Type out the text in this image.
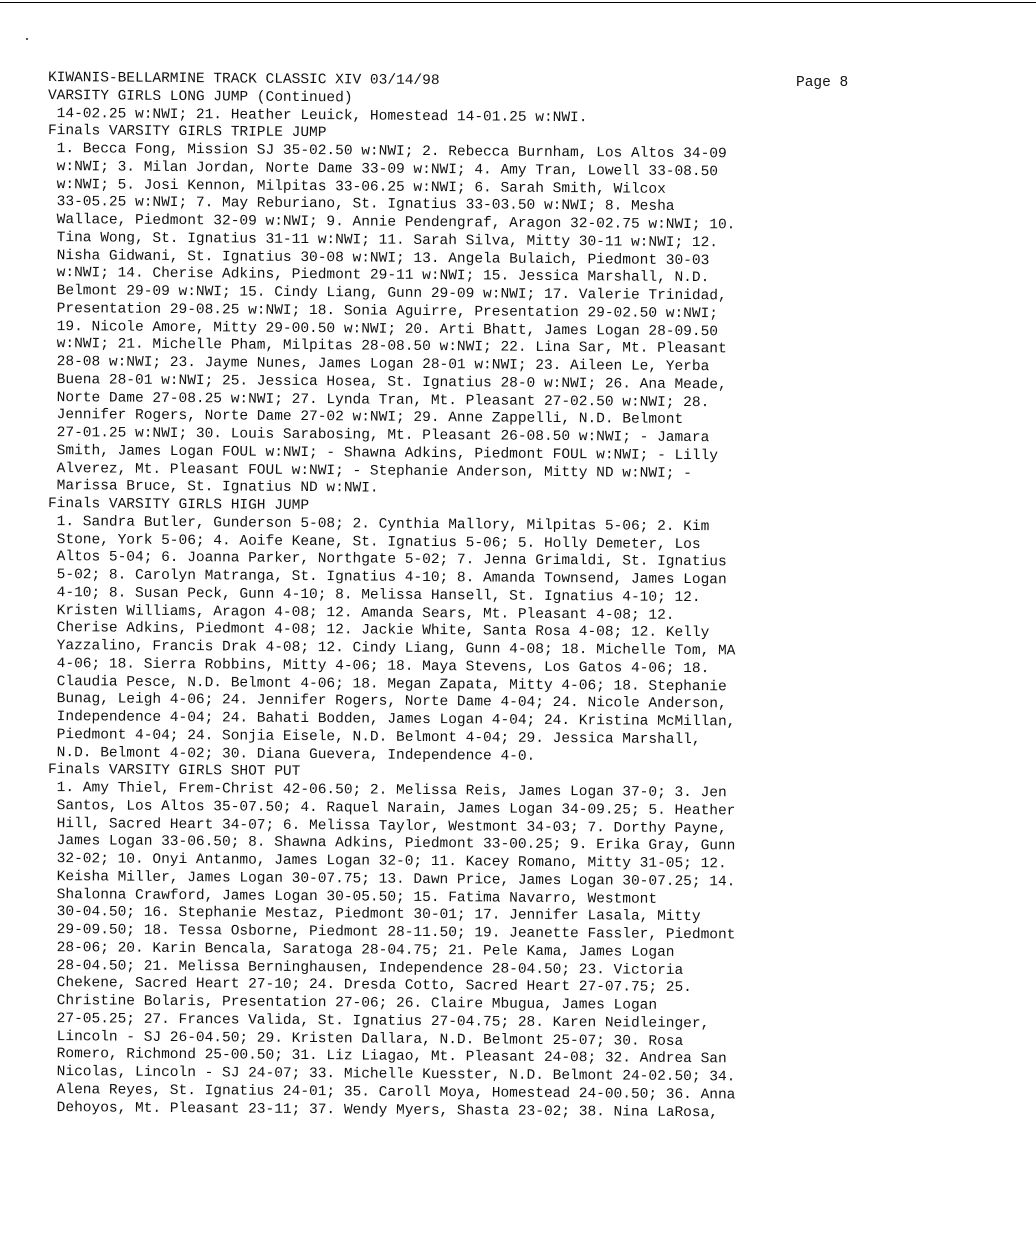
Page 8

KIWANIS-BELLARMINE TRACK CLASSIC XIV 03/14/98

VARSITY GIRLS LONG JUMP (Continued)

14-02.25 w:NWI; 21. Heather Leuick, Homestead 14-01.25 w:NWI.

Finals VARSITY GIRLS TRIPLE JUMP

1. Becca Fong, Mission SJ 35-02.50 w:NWI; 2. Rebecca Burnham, Los Altos 34-09

w:NWI; 3. Milan Jordan, Norte Dame 33-09 w:NWI; 4. Amy Tran, Lowell 33-08.50

w:NWI; 5. Josi Kennon, Milpitas 33-06.25 w:NWI; 6. Sarah Smith, Wilcox

33-05.25 w:NWI; 7. May Reburiano, St. Ignatius 33-03.50 w:NWI; 8. Mesha

Wallace, Piedmont 32-09 w:NWI; 9. Annie Pendengraf, Aragon 32-02.75 w:NWI; 10.

Tina Wong, St. Ignatius 31-11 w:NWI; 11. Sarah Silva, Mitty 30-11 w:NWI; 12.

Nisha Gidwani, St. Ignatius 30-08 w:NWI; 13. Angela Bulaich, Piedmont 30-03

w:NWI; 14. Cherise Adkins, Piedmont 29-11 w:NWI; 15. Jessica Marshall, N.D.

Belmont 29-09 w:NWI; 15. Cindy Liang, Gunn 29-09 w:NWI; 17. Valerie Trinidad,

Presentation 29-08.25 w:NWI; 18. Sonia Aguirre, Presentation 29-02.50 w:NWI;

19. Nicole Amore, Mitty 29-00.50 w:NWI; 20. Arti Bhatt, James Logan 28-09.50

w:NWI; 21. Michelle Pham, Milpitas 28-08.50 w:NWI; 22. Lina Sar, Mt. Pleasant

28-08 w:NWI; 23. Jayme Nunes, James Logan 28-01 w:NWI; 23. Aileen Le, Yerba

Buena 28-01 w:NWI; 25. Jessica Hosea, St. Ignatius 28-0 w:NWI; 26. Ana Meade,

Norte Dame 27-08.25 w:NWI; 27. Lynda Tran, Mt. Pleasant 27-02.50 w:NWI; 28.

Jennifer Rogers, Norte Dame 27-02 w:NWI; 29. Anne Zappelli, N.D. Belmont

27-01.25 w:NWI; 30. Louis Sarabosing, Mt. Pleasant 26-08.50 w:NWI; - Jamara

Smith, James Logan FOUL w:NWI; - Shawna Adkins, Piedmont FOUL w:NWI; - Lilly

Alverez, Mt. Pleasant FOUL w:NWI; - Stephanie Anderson, Mitty ND w:NWI; -

Marissa Bruce, St. Ignatius ND w:NWI.

Finals VARSITY GIRLS HIGH JUMP

1. Sandra Butler, Gunderson 5-08; 2. Cynthia Mallory, Milpitas 5-06; 2. Kim

Stone, York 5-06; 4. Aoife Keane, St. Ignatius 5-06; 5. Holly Demeter, Los

Altos 5-04; 6. Joanna Parker, Northgate 5-02; 7. Jenna Grimaldi, St. Ignatius

5-02; 8. Carolyn Matranga, St. Ignatius 4-10; 8. Amanda Townsend, James Logan

4-10; 8. Susan Peck, Gunn 4-10; 8. Melissa Hansell, St. Ignatius 4-10; 12.

Kristen Williams, Aragon 4-08; 12. Amanda Sears, Mt. Pleasant 4-08; 12.

Cherise Adkins, Piedmont 4-08; 12. Jackie White, Santa Rosa 4-08; 12. Kelly

Yazzalino, Francis Drak 4-08; 12. Cindy Liang, Gunn 4-08; 18. Michelle Tom, MA

4-06; 18. Sierra Robbins, Mitty 4-06; 18. Maya Stevens, Los Gatos 4-06; 18.

Claudia Pesce, N.D. Belmont 4-06; 18. Megan Zapata, Mitty 4-06; 18. Stephanie

Bunag, Leigh 4-06; 24. Jennifer Rogers, Norte Dame 4-04; 24. Nicole Anderson,

Independence 4-04; 24. Bahati Bodden, James Logan 4-04; 24. Kristina McMillan,

Piedmont 4-04; 24. Sonjia Eisele, N.D. Belmont 4-04; 29. Jessica Marshall,

N.D. Belmont 4-02; 30. Diana Guevera, Independence 4-0.

Finals VARSITY GIRLS SHOT PUT

1. Amy Thiel, Frem-Christ 42-06.50; 2. Melissa Reis, James Logan 37-0; 3. Jen

Santos, Los Altos 35-07.50; 4. Raquel Narain, James Logan 34-09.25; 5. Heather

Hill, Sacred Heart 34-07; 6. Melissa Taylor, Westmont 34-03; 7. Dorthy Payne,

James Logan 33-06.50; 8. Shawna Adkins, Piedmont 33-00.25; 9. Erika Gray, Gunn

32-02; 10. Onyi Antanmo, James Logan 32-0; 11. Kacey Romano, Mitty 31-05; 12.

Keisha Miller, James Logan 30-07.75; 13. Dawn Price, James Logan 30-07.25; 14.

Shalonna Crawford, James Logan 30-05.50; 15. Fatima Navarro, Westmont

30-04.50; 16. Stephanie Mestaz, Piedmont 30-01; 17. Jennifer Lasala, Mitty

29-09.50; 18. Tessa Osborne, Piedmont 28-11.50; 19. Jeanette Fassler, Piedmont

28-06; 20. Karin Bencala, Saratoga 28-04.75; 21. Pele Kama, James Logan

28-04.50; 21. Melissa Berninghausen, Independence 28-04.50; 23. Victoria

Chekene, Sacred Heart 27-10; 24. Dresda Cotto, Sacred Heart 27-07.75; 25.

Christine Bolaris, Presentation 27-06; 26. Claire Mbugua, James Logan

27-05.25; 27. Frances Valida, St. Ignatius 27-04.75; 28. Karen Neidleinger,

Lincoln - SJ 26-04.50; 29. Kristen Dallara, N.D. Belmont 25-07; 30. Rosa

Romero, Richmond 25-00.50; 31. Liz Liagao, Mt. Pleasant 24-08; 32. Andrea San

Nicolas, Lincoln - SJ 24-07; 33. Michelle Kuesster, N.D. Belmont 24-02.50; 34.

Alena Reyes, St. Ignatius 24-01; 35. Caroll Moya, Homestead 24-00.50; 36. Anna

Dehoyos, Mt. Pleasant 23-11; 37. Wendy Myers, Shasta 23-02; 38. Nina LaRosa,
